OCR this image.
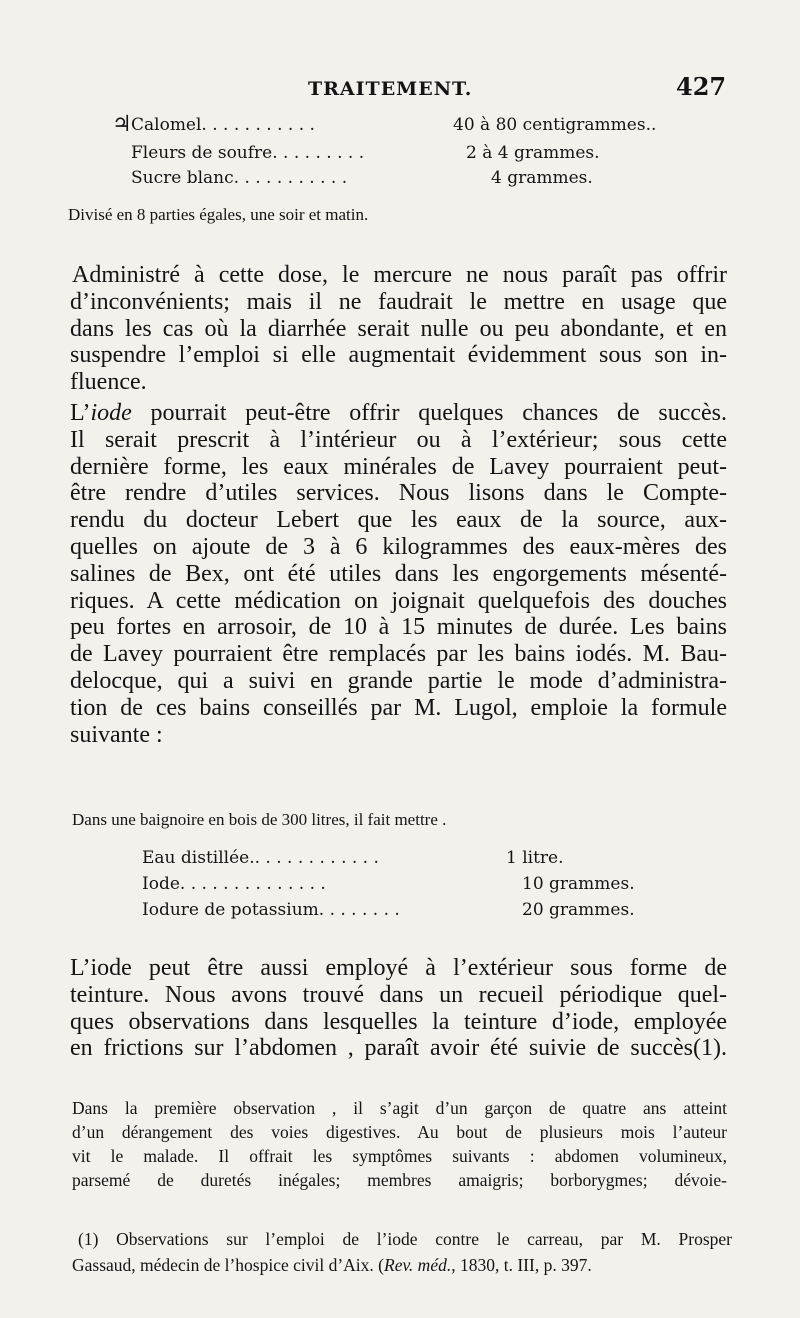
TRAITEMENT.	427
♃ Calomel. . . . . . . . . . .	40 à 80 centigrammes..
Fleurs de soufre. . . . . . . . .	2 à 4 grammes.
Sucre blanc. . . . . . . . . . .	4 grammes.
Divisé en 8 parties égales, une soir et matin.
Administré à cette dose, le mercure ne nous paraît pas offrir
d’inconvénients; mais il ne faudrait le mettre en usage que
dans les cas où la diarrhée serait nulle ou peu abondante, et en
suspendre l’emploi si elle augmentait évidemment sous son in-
fluence.
L’iode pourrait peut-être offrir quelques chances de succès.
Il serait prescrit à l’intérieur ou à l’extérieur; sous cette
dernière forme, les eaux minérales de Lavey pourraient peut-
être rendre d’utiles services. Nous lisons dans le Compte-
rendu du docteur Lebert que les eaux de la source, aux-
quelles on ajoute de 3 à 6 kilogrammes des eaux-mères des
salines de Bex, ont été utiles dans les engorgements mésenté-
riques. A cette médication on joignait quelquefois des douches
peu fortes en arrosoir, de 10 à 15 minutes de durée. Les bains
de Lavey pourraient être remplacés par les bains iodés. M. Bau-
delocque, qui a suivi en grande partie le mode d’administra-
tion de ces bains conseillés par M. Lugol, emploie la formule
suivante :
Dans une baignoire en bois de 300 litres, il fait mettre .
Eau distillée.. . . . . . . . . . . .	1 litre.
Iode. . . . . . . . . . . . . .	10 grammes.
Iodure de potassium. . . . . . . .	20 grammes.
L’iode peut être aussi employé à l’extérieur sous forme de
teinture. Nous avons trouvé dans un recueil périodique quel-
ques observations dans lesquelles la teinture d’iode, employée
en frictions sur l’abdomen , paraît avoir été suivie de succès(1).
Dans la première observation , il s’agit d’un garçon de quatre ans atteint
d’un dérangement des voies digestives. Au bout de plusieurs mois l’auteur
vit le malade. Il offrait les symptômes suivants : abdomen volumineux,
parsemé de duretés inégales; membres amaigris; borborygmes; dévoie-
(1) Observations sur l’emploi de l’iode contre le carreau, par M. Prosper
Gassaud, médecin de l’hospice civil d’Aix. (Rev. méd., 1830, t. III, p. 397.
